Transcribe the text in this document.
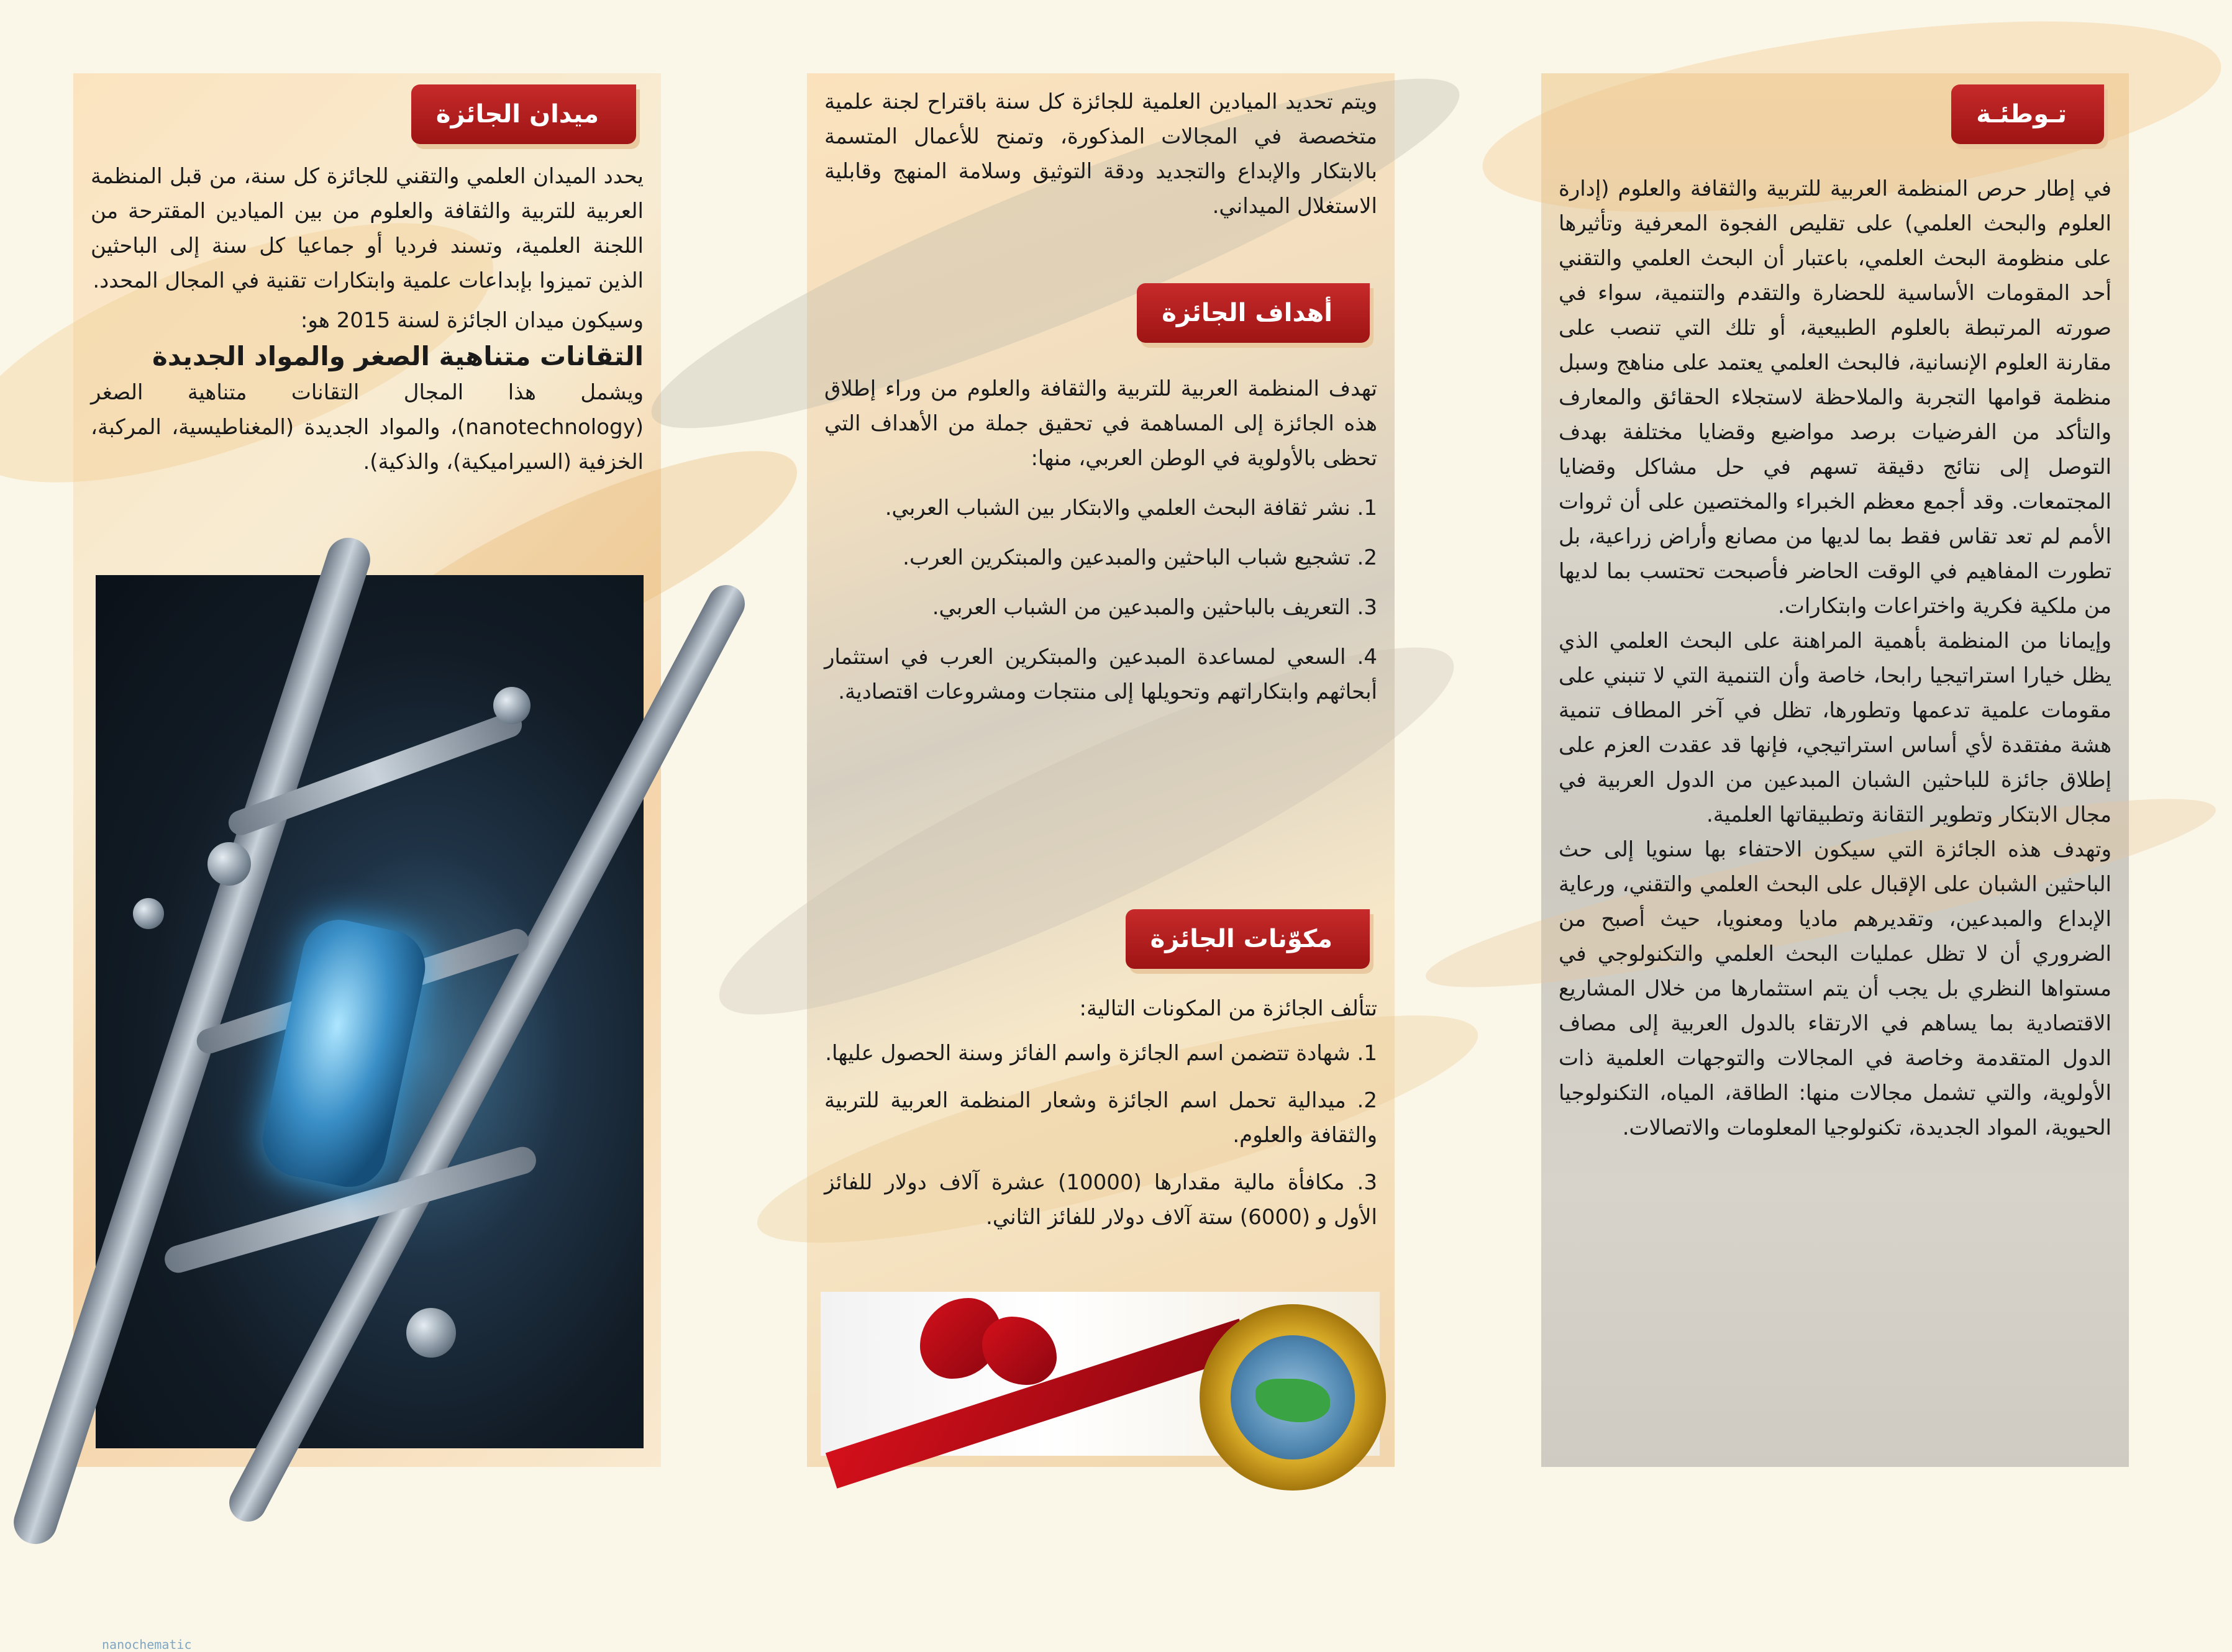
ميدان الجائزة

يحدد الميدان العلمي والتقني للجائزة كل سنة، من قبل المنظمة العربية للتربية والثقافة والعلوم من بين الميادين المقترحة من اللجنة العلمية، وتسند فرديا أو جماعيا كل سنة إلى الباحثين الذين تميزوا بإبداعات علمية وابتكارات تقنية في المجال المحدد.

وسيكون ميدان الجائزة لسنة 2015 هو:

التقانات متناهية الصغر والمواد الجديدة

ويشمل هذا المجال التقانات متناهية الصغر (nanotechnology)، والمواد الجديدة (المغناطيسية، المركبة، الخزفية (السيراميكية)، والذكية).

nanochematic
ويتم تحديد الميادين العلمية للجائزة كل سنة باقتراح لجنة علمية متخصصة في المجالات المذكورة، وتمنح للأعمال المتسمة بالابتكار والإبداع والتجديد ودقة التوثيق وسلامة المنهج وقابلية الاستغلال الميداني.
أهداف الجائزة

تهدف المنظمة العربية للتربية والثقافة والعلوم من وراء إطلاق هذه الجائزة إلى المساهمة في تحقيق جملة من الأهداف التي تحظى بالأولوية في الوطن العربي، منها:

1. نشر ثقافة البحث العلمي والابتكار بين الشباب العربي.

2. تشجيع شباب الباحثين والمبدعين والمبتكرين العرب.

3. التعريف بالباحثين والمبدعين من الشباب العربي.

4. السعي لمساعدة المبدعين والمبتكرين العرب في استثمار أبحاثهم وابتكاراتهم وتحويلها إلى منتجات ومشروعات اقتصادية.

مكوّنات الجائزة

تتألف الجائزة من المكونات التالية:

1. شهادة تتضمن اسم الجائزة واسم الفائز وسنة الحصول عليها.

2. ميدالية تحمل اسم الجائزة وشعار المنظمة العربية للتربية والثقافة والعلوم.

3. مكافأة مالية مقدارها (10000) عشرة آلاف دولار للفائز الأول و (6000) ستة آلاف دولار للفائز الثاني.

تـوطئـة

في إطار حرص المنظمة العربية للتربية والثقافة والعلوم (إدارة العلوم والبحث العلمي) على تقليص الفجوة المعرفية وتأثيرها على منظومة البحث العلمي، باعتبار أن البحث العلمي والتقني أحد المقومات الأساسية للحضارة والتقدم والتنمية، سواء في صورته المرتبطة بالعلوم الطبيعية، أو تلك التي تنصب على مقارنة العلوم الإنسانية، فالبحث العلمي يعتمد على مناهج وسبل منظمة قوامها التجربة والملاحظة لاستجلاء الحقائق والمعارف والتأكد من الفرضيات برصد مواضيع وقضايا مختلفة بهدف التوصل إلى نتائج دقيقة تسهم في حل مشاكل وقضايا المجتمعات. وقد أجمع معظم الخبراء والمختصين على أن ثروات الأمم لم تعد تقاس فقط بما لديها من مصانع وأراض زراعية، بل تطورت المفاهيم في الوقت الحاضر فأصبحت تحتسب بما لديها من ملكية فكرية واختراعات وابتكارات.

وإيمانا من المنظمة بأهمية المراهنة على البحث العلمي الذي يظل خيارا استراتيجيا رابحا، خاصة وأن التنمية التي لا تنبني على مقومات علمية تدعمها وتطورها، تظل في آخر المطاف تنمية هشة مفتقدة لأي أساس استراتيجي، فإنها قد عقدت العزم على إطلاق جائزة للباحثين الشبان المبدعين من الدول العربية في مجال الابتكار وتطوير التقانة وتطبيقاتها العلمية.

وتهدف هذه الجائزة التي سيكون الاحتفاء بها سنويا إلى حث الباحثين الشبان على الإقبال على البحث العلمي والتقني، ورعاية الإبداع والمبدعين، وتقديرهم ماديا ومعنويا، حيث أصبح من الضروري أن لا تظل عمليات البحث العلمي والتكنولوجي في مستواها النظري بل يجب أن يتم استثمارها من خلال المشاريع الاقتصادية بما يساهم في الارتقاء بالدول العربية إلى مصاف الدول المتقدمة وخاصة في المجالات والتوجهات العلمية ذات الأولوية، والتي تشمل مجالات منها: الطاقة، المياه، التكنولوجيا الحيوية، المواد الجديدة، تكنولوجيا المعلومات والاتصالات.
